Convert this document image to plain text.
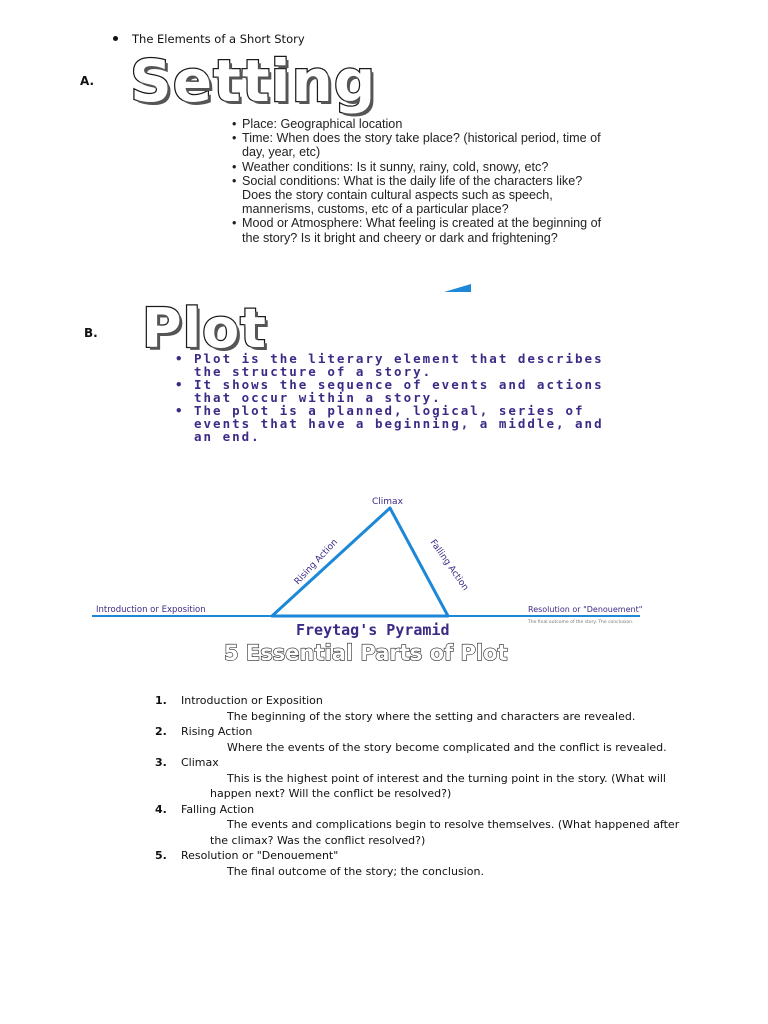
The Elements of a Short Story
A. Setting
• Place: Geographical location
• Time: When does the story take place? (historical period, time of day, year, etc)
• Weather conditions: Is it sunny, rainy, cold, snowy, etc?
• Social conditions: What is the daily life of the characters like? Does the story contain cultural aspects such as speech, mannerisms, customs, etc of a particular place?
• Mood or Atmosphere: What feeling is created at the beginning of the story? Is it bright and cheery or dark and frightening?
B. Plot
• Plot is the literary element that describes the structure of a story.
• It shows the sequence of events and actions that occur within a story.
• The plot is a planned, logical, series of events that have a beginning, a middle, and an end.
Climax
Rising Action	Falling Action
Introduction or Exposition	Resolution or "Denouement"
The final outcome of the story. The conclusion.
Freytag's Pyramid
5 Essential Parts of Plot
1. Introduction or Exposition
The beginning of the story where the setting and characters are revealed.
2. Rising Action
Where the events of the story become complicated and the conflict is revealed.
3. Climax
This is the highest point of interest and the turning point in the story. (What will
happen next? Will the conflict be resolved?)
4. Falling Action
The events and complications begin to resolve themselves. (What happened after
the climax? Was the conflict resolved?)
5. Resolution or "Denouement"
The final outcome of the story; the conclusion.
